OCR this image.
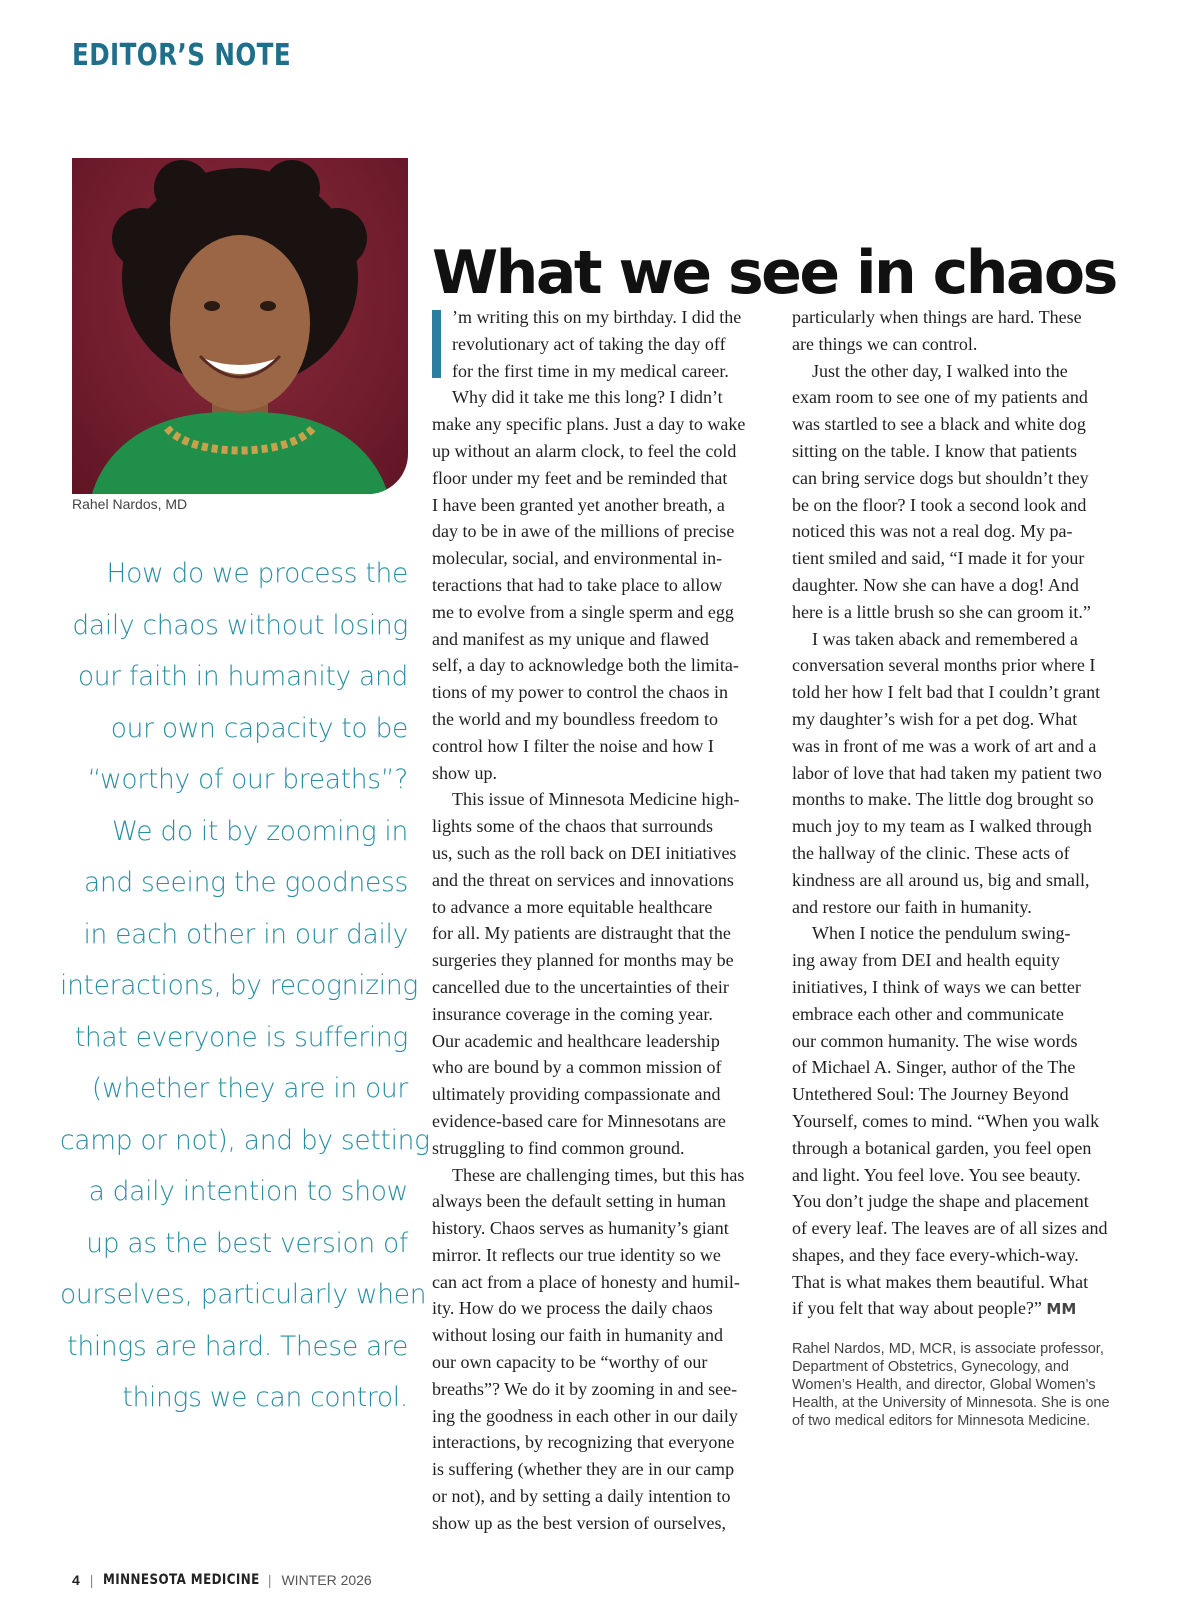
EDITOR’S NOTE
Rahel Nardos, MD
How do we process the
daily chaos without losing
our faith in humanity and
our own capacity to be
“worthy of our breaths”?
We do it by zooming in
and seeing the goodness
in each other in our daily
interactions, by recognizing
that everyone is suffering
(whether they are in our
camp or not), and by setting
a daily intention to show
up as the best version of
ourselves, particularly when
things are hard. These are
things we can control.
What we see in chaos
’m writing this on my birthday. I did the
revolutionary act of taking the day off
for the first time in my medical career.
Why did it take me this long? I didn’t
make any specific plans. Just a day to wake
up without an alarm clock, to feel the cold
floor under my feet and be reminded that
I have been granted yet another breath, a
day to be in awe of the millions of precise
molecular, social, and environmental in-
teractions that had to take place to allow
me to evolve from a single sperm and egg
and manifest as my unique and flawed
self, a day to acknowledge both the limita-
tions of my power to control the chaos in
the world and my boundless freedom to
control how I filter the noise and how I
show up.
This issue of Minnesota Medicine high-
lights some of the chaos that surrounds
us, such as the roll back on DEI initiatives
and the threat on services and innovations
to advance a more equitable healthcare
for all. My patients are distraught that the
surgeries they planned for months may be
cancelled due to the uncertainties of their
insurance coverage in the coming year.
Our academic and healthcare leadership
who are bound by a common mission of
ultimately providing compassionate and
evidence-based care for Minnesotans are
struggling to find common ground.
These are challenging times, but this has
always been the default setting in human
history. Chaos serves as humanity’s giant
mirror. It reflects our true identity so we
can act from a place of honesty and humil-
ity. How do we process the daily chaos
without losing our faith in humanity and
our own capacity to be “worthy of our
breaths”? We do it by zooming in and see-
ing the goodness in each other in our daily
interactions, by recognizing that everyone
is suffering (whether they are in our camp
or not), and by setting a daily intention to
show up as the best version of ourselves,
particularly when things are hard. These
are things we can control.
Just the other day, I walked into the
exam room to see one of my patients and
was startled to see a black and white dog
sitting on the table. I know that patients
can bring service dogs but shouldn’t they
be on the floor? I took a second look and
noticed this was not a real dog. My pa-
tient smiled and said, “I made it for your
daughter. Now she can have a dog! And
here is a little brush so she can groom it.”
I was taken aback and remembered a
conversation several months prior where I
told her how I felt bad that I couldn’t grant
my daughter’s wish for a pet dog. What
was in front of me was a work of art and a
labor of love that had taken my patient two
months to make. The little dog brought so
much joy to my team as I walked through
the hallway of the clinic. These acts of
kindness are all around us, big and small,
and restore our faith in humanity.
When I notice the pendulum swing-
ing away from DEI and health equity
initiatives, I think of ways we can better
embrace each other and communicate
our common humanity. The wise words
of Michael A. Singer, author of the The
Untethered Soul: The Journey Beyond
Yourself, comes to mind. “When you walk
through a botanical garden, you feel open
and light. You feel love. You see beauty.
You don’t judge the shape and placement
of every leaf. The leaves are of all sizes and
shapes, and they face every-which-way.
That is what makes them beautiful. What
if you felt that way about people?” MM
Rahel Nardos, MD, MCR, is associate professor,
Department of Obstetrics, Gynecology, and
Women’s Health, and director, Global Women’s
Health, at the University of Minnesota. She is one
of two medical editors for Minnesota Medicine.
4 | MINNESOTA MEDICINE | WINTER 2026
